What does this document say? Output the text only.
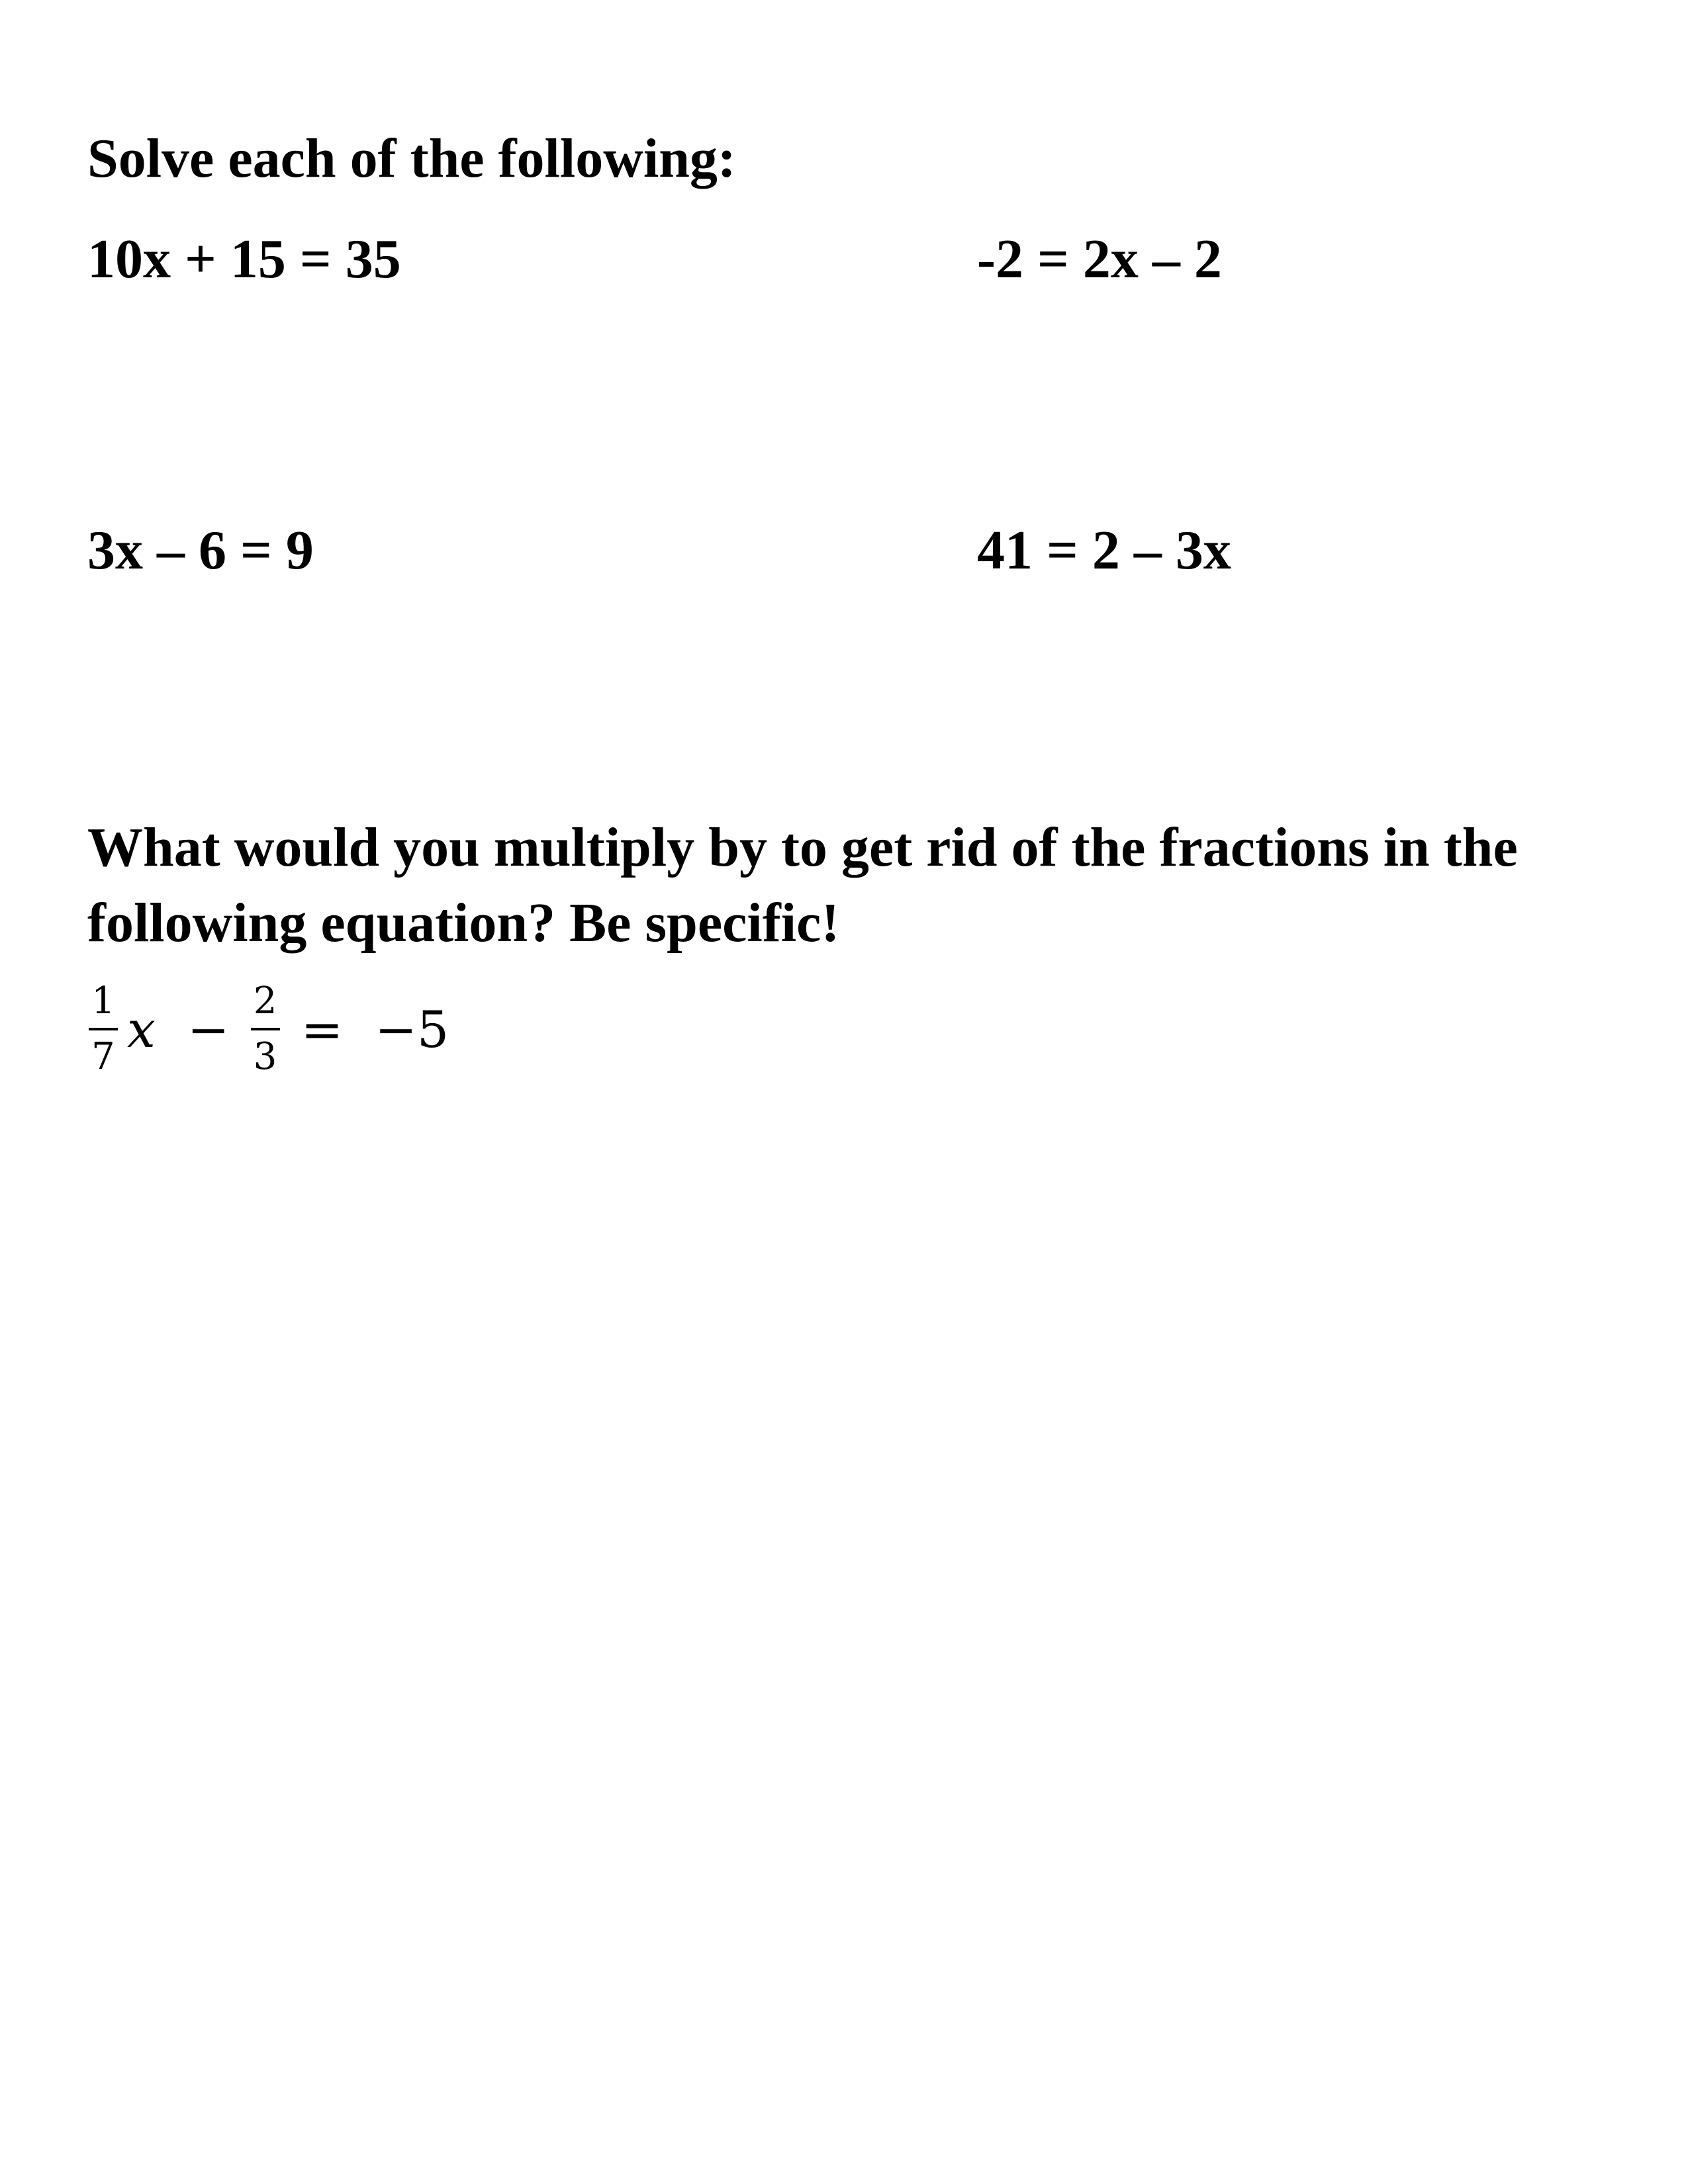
Solve each of the following:
10x + 15 = 35	-2 = 2x – 2
3x – 6 = 9	41 = 2 – 3x
What would you multiply by to get rid of the fractions in the following equation? Be specific!
$\frac{1}{7}$ $x - \frac{2}{3} = -5$
